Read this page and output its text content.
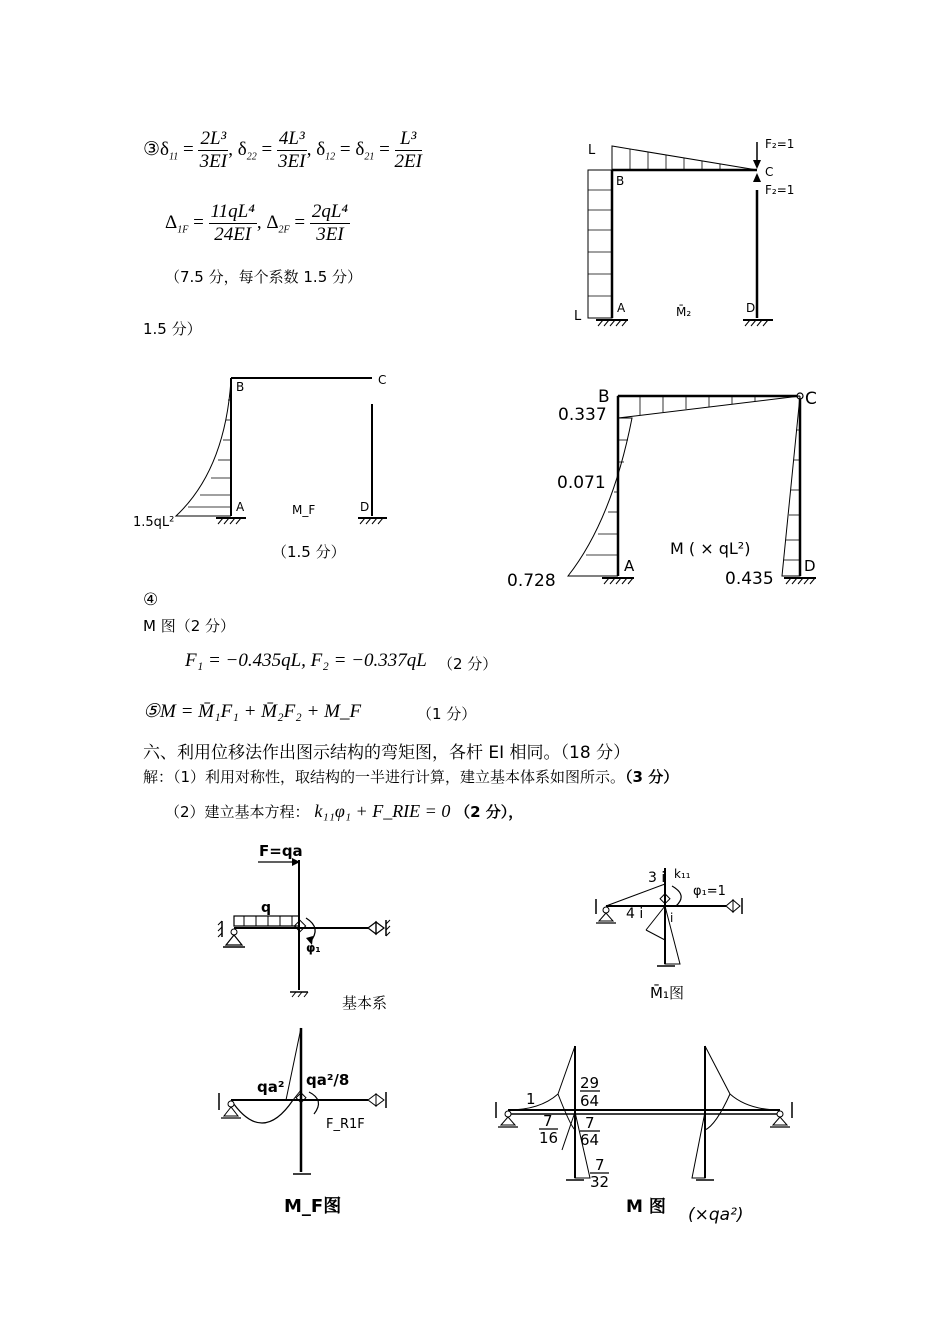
$③\delta_{11} = \frac{\text{2L³}}{3EI}$ , $\delta_{22} = \frac{\text{4L³}}{3EI}$ , $\delta_{12} = \delta_{21} = \frac{\text{L³}}{2EI}$
$\Delta_{1F} = \frac{\text{11qL⁴}}{24EI}$ , $\Delta_{2F} = \frac{\text{2qL⁴}}{3EI}$
（7.5 分，每个系数 1.5 分）
1.5 分）
L
L
B
C
A	D
F₂=1
F₂=1
M̄₂
B	C
A	D
1.5qL²
M_F
（1.5 分）
B	C
A	D
0.337
0.071
0.728	0.435
M ( × qL²)
④
M 图（2 分）
F₁ = −0.435qL, F₂ = −0.337qL （2 分）
⑤M = M̄₁F₁ + M̄₂F₂ + M_F	（1 分）
六、利用位移法作出图示结构的弯矩图，各杆 EI 相同。（18 分）
解：（1）利用对称性，取结构的一半进行计算，建立基本体系如图所示。（3 分）
（2）建立基本方程： k₁₁φ₁ + F_RIE = 0 （2 分），
F=qa
q
φ₁
基本系
3 i k₁₁
φ₁=1
4 i i
M̄₁图
qa² qa²/8
F_R1F
M_F图
1
29
64
7
16
7
64
7
32
M 图 (×qa²)
